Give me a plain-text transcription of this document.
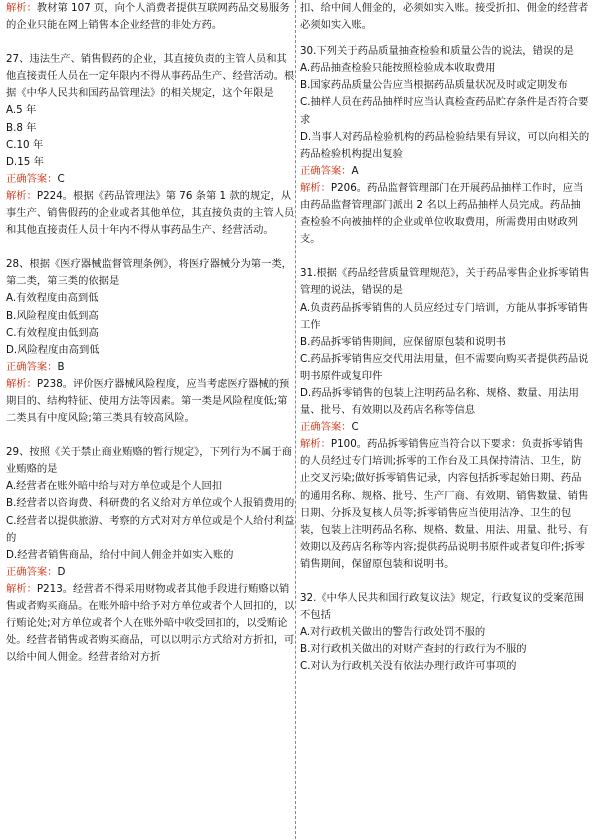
解析：教材第 107 页，向个人消费者提供互联网药品交易服务的企业只能在网上销售本企业经营的非处方药。

27、违法生产、销售假药的企业，其直接负责的主管人员和其他直接责任人员在一定年限内不得从事药品生产、经营活动。根据《中华人民共和国药品管理法》的相关规定，这个年限是

A.5 年

B.8 年

C.10 年

D.15 年

正确答案：C

解析：P224。根据《药品管理法》第 76 条第 1 款的规定，从事生产、销售假药的企业或者其他单位，其直接负责的主管人员和其他直接责任人员十年内不得从事药品生产、经营活动。

28、根据《医疗器械监督管理条例》，将医疗器械分为第一类，第二类，第三类的依据是

A.有效程度由高到低

B.风险程度由低到高

C.有效程度由低到高

D.风险程度由高到低

正确答案：B

解析：P238。评价医疗器械风险程度，应当考虑医疗器械的预期目的、结构特征、使用方法等因素。第一类是风险程度低;第二类具有中度风险;第三类具有较高风险。

29、按照《关于禁止商业贿赂的暂行规定》，下列行为不属于商业贿赂的是

A.经营者在账外暗中给与对方单位或是个人回扣

B.经营者以咨询费、科研费的名义给对方单位或个人报销费用的

C.经营者以提供旅游、考察的方式对对方单位或是个人给付利益的

D.经营者销售商品，给付中间人佣金并如实入账的

正确答案：D

解析：P213。经营者不得采用财物或者其他手段进行贿赂以销售或者购买商品。在账外暗中给予对方单位或者个人回扣的，以行贿论处;对方单位或者个人在账外暗中收受回扣的，以受贿论处。经营者销售或者购买商品，可以以明示方式给对方折扣，可以给中间人佣金。经营者给对方折

扣、给中间人佣金的，必须如实入账。接受折扣、佣金的经营者必须如实入账。

30.下列关于药品质量抽查检验和质量公告的说法，错误的是

A.药品抽查检验只能按照检验成本收取费用

B.国家药品质量公告应当根据药品质量状况及时或定期发布

C.抽样人员在药品抽样时应当认真检查药品贮存条件是否符合要求

D.当事人对药品检验机构的药品检验结果有异议，可以向相关的药品检验机构提出复验

正确答案：A

解析：P206。药品监督管理部门在开展药品抽样工作时，应当由药品监督管理部门派出 2 名以上药品抽样人员完成。药品抽查检验不向被抽样的企业或单位收取费用，所需费用由财政列支。

31.根据《药品经营质量管理规范》，关于药品零售企业拆零销售管理的说法，错误的是

A.负责药品拆零销售的人员应经过专门培训，方能从事拆零销售工作

B.药品拆零销售期间，应保留原包装和说明书

C.药品拆零销售应交代用法用量，但不需要向购买者提供药品说明书原件或复印件

D.药品拆零销售的包装上注明药品名称、规格、数量、用法用量、批号、有效期以及药店名称等信息

正确答案：C

解析：P100。药品拆零销售应当符合以下要求：负责拆零销售的人员经过专门培训;拆零的工作台及工具保持清洁、卫生，防止交叉污染;做好拆零销售记录，内容包括拆零起始日期、药品的通用名称、规格、批号、生产厂商、有效期、销售数量、销售日期、分拆及复核人员等;拆零销售应当使用洁净、卫生的包装，包装上注明药品名称、规格、数量、用法、用量、批号、有效期以及药店名称等内容;提供药品说明书原件或者复印件;拆零销售期间，保留原包装和说明书。

32.《中华人民共和国行政复议法》规定，行政复议的受案范围不包括

A.对行政机关做出的警告行政处罚不服的

B.对行政机关做出的对财产查封的行政行为不服的

C.对认为行政机关没有依法办理行政许可事项的
